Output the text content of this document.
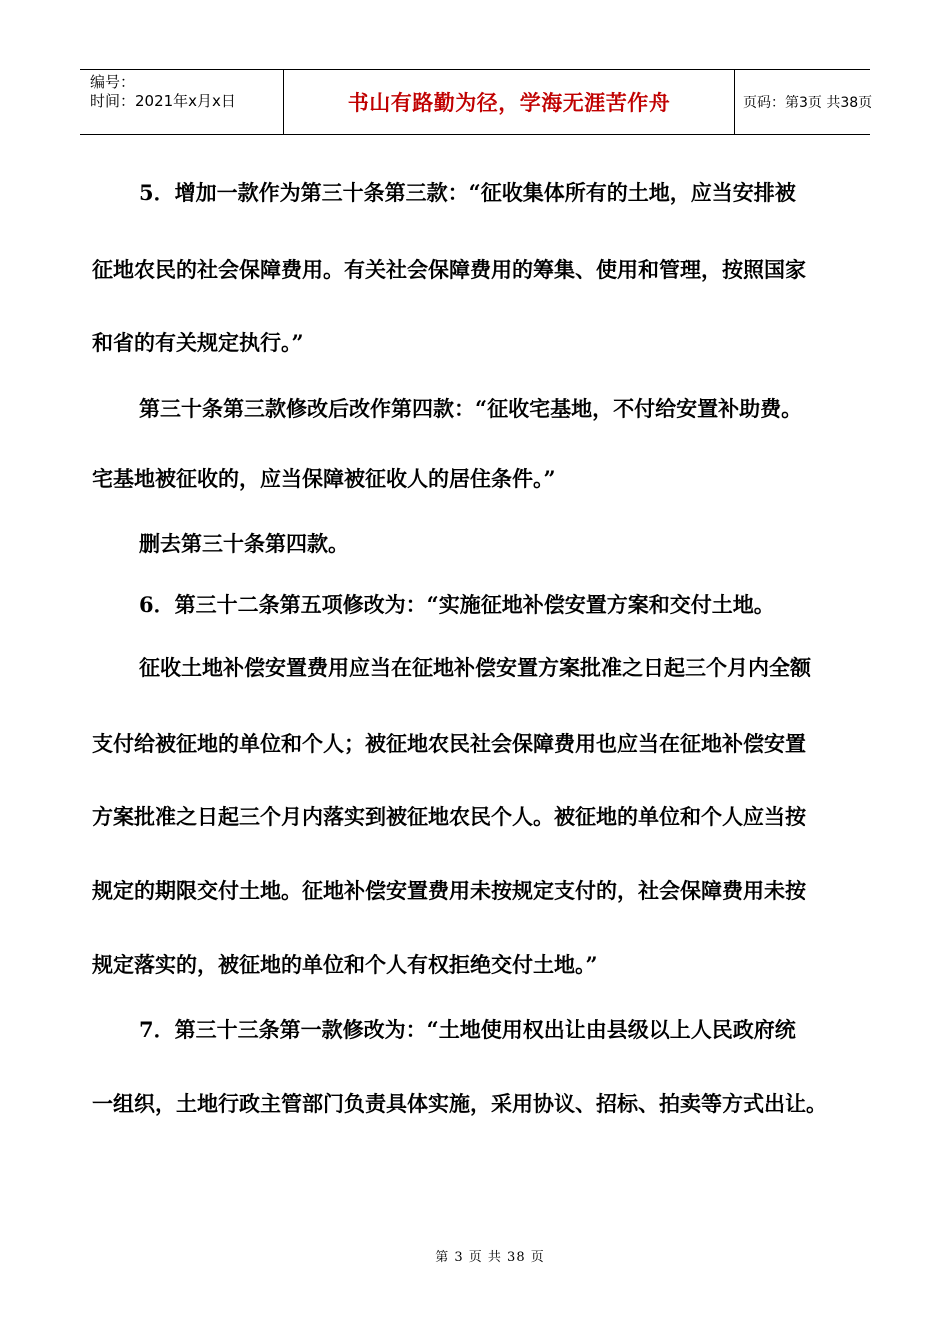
编号：
时间：2021年x月x日	书山有路勤为径，学海无涯苦作舟	页码：第3页 共38页
5．增加一款作为第三十条第三款：“征收集体所有的土地，应当安排被
征地农民的社会保障费用。有关社会保障费用的筹集、使用和管理，按照国家
和省的有关规定执行。”
第三十条第三款修改后改作第四款：“征收宅基地，不付给安置补助费。
宅基地被征收的，应当保障被征收人的居住条件。”
删去第三十条第四款。
6．第三十二条第五项修改为：“实施征地补偿安置方案和交付土地。
征收土地补偿安置费用应当在征地补偿安置方案批准之日起三个月内全额
支付给被征地的单位和个人；被征地农民社会保障费用也应当在征地补偿安置
方案批准之日起三个月内落实到被征地农民个人。被征地的单位和个人应当按
规定的期限交付土地。征地补偿安置费用未按规定支付的，社会保障费用未按
规定落实的，被征地的单位和个人有权拒绝交付土地。”
7．第三十三条第一款修改为：“土地使用权出让由县级以上人民政府统
一组织，土地行政主管部门负责具体实施，采用协议、招标、拍卖等方式出让。
第 3 页 共 38 页
